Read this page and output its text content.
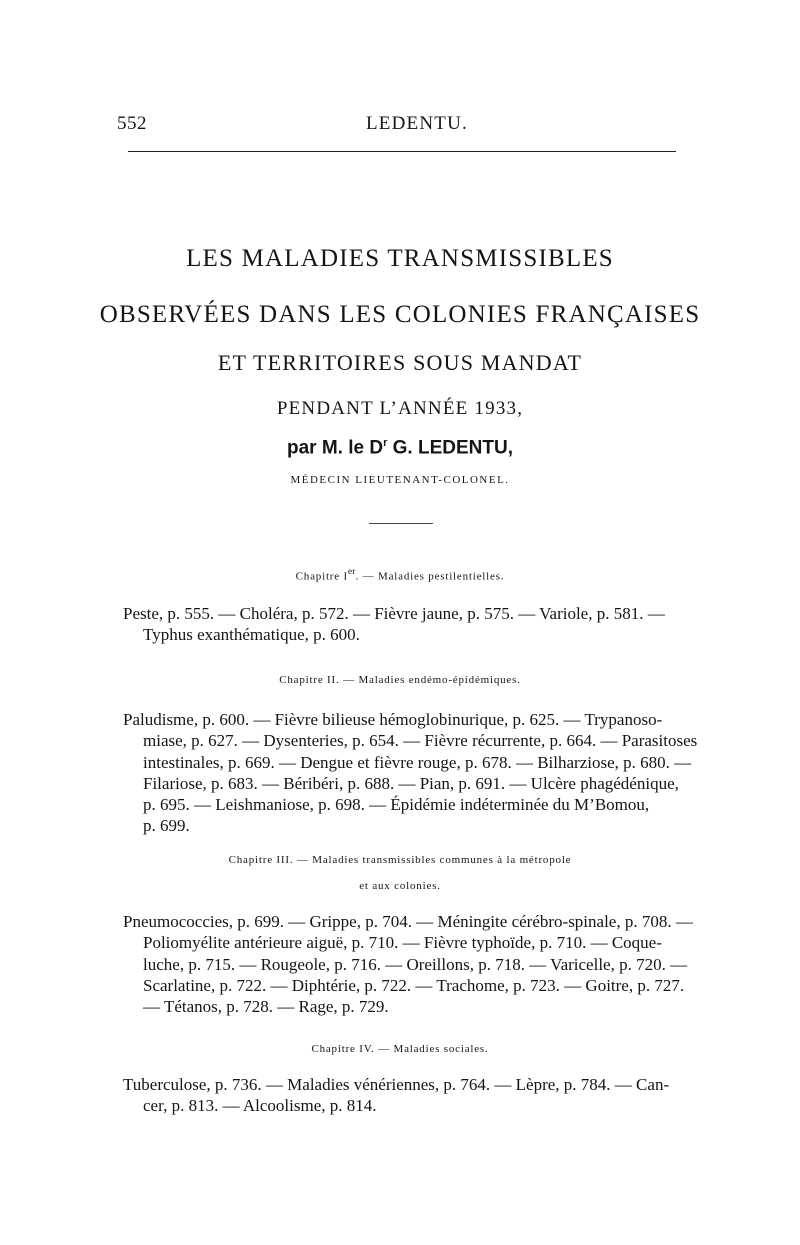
552	LEDENTU.
LES MALADIES TRANSMISSIBLES
OBSERVÉES DANS LES COLONIES FRANÇAISES
ET TERRITOIRES SOUS MANDAT
PENDANT L’ANNÉE 1933,
par M. le $D^r$ G. LEDENTU,
MÉDECIN LIEUTENANT-COLONEL.
Chapitre Ier. — Maladies pestilentielles.
Peste, p. 555. — Choléra, p. 572. — Fièvre jaune, p. 575. — Variole, p. 581. —
Typhus exanthématique, p. 600.
Chapitre II. — Maladies endémo-épidémiques.
Paludisme, p. 600. — Fièvre bilieuse hémoglobinurique, p. 625. — Trypanoso-
miase, p. 627. — Dysenteries, p. 654. — Fièvre récurrente, p. 664. — Parasitoses
intestinales, p. 669. — Dengue et fièvre rouge, p. 678. — Bilharziose, p. 680. —
Filariose, p. 683. — Béribéri, p. 688. — Pian, p. 691. — Ulcère phagédénique,
p. 695. — Leishmaniose, p. 698. — Épidémie indéterminée du M’Bomou,
p. 699.
Chapitre III. — Maladies transmissibles communes à la métropole
et aux colonies.
Pneumococcies, p. 699. — Grippe, p. 704. — Méningite cérébro-spinale, p. 708. —
Poliomyélite antérieure aiguë, p. 710. — Fièvre typhoïde, p. 710. — Coque-
luche, p. 715. — Rougeole, p. 716. — Oreillons, p. 718. — Varicelle, p. 720. —
Scarlatine, p. 722. — Diphtérie, p. 722. — Trachome, p. 723. — Goitre, p. 727.
— Tétanos, p. 728. — Rage, p. 729.
Chapitre IV. — Maladies sociales.
Tuberculose, p. 736. — Maladies vénériennes, p. 764. — Lèpre, p. 784. — Can-
cer, p. 813. — Alcoolisme, p. 814.
